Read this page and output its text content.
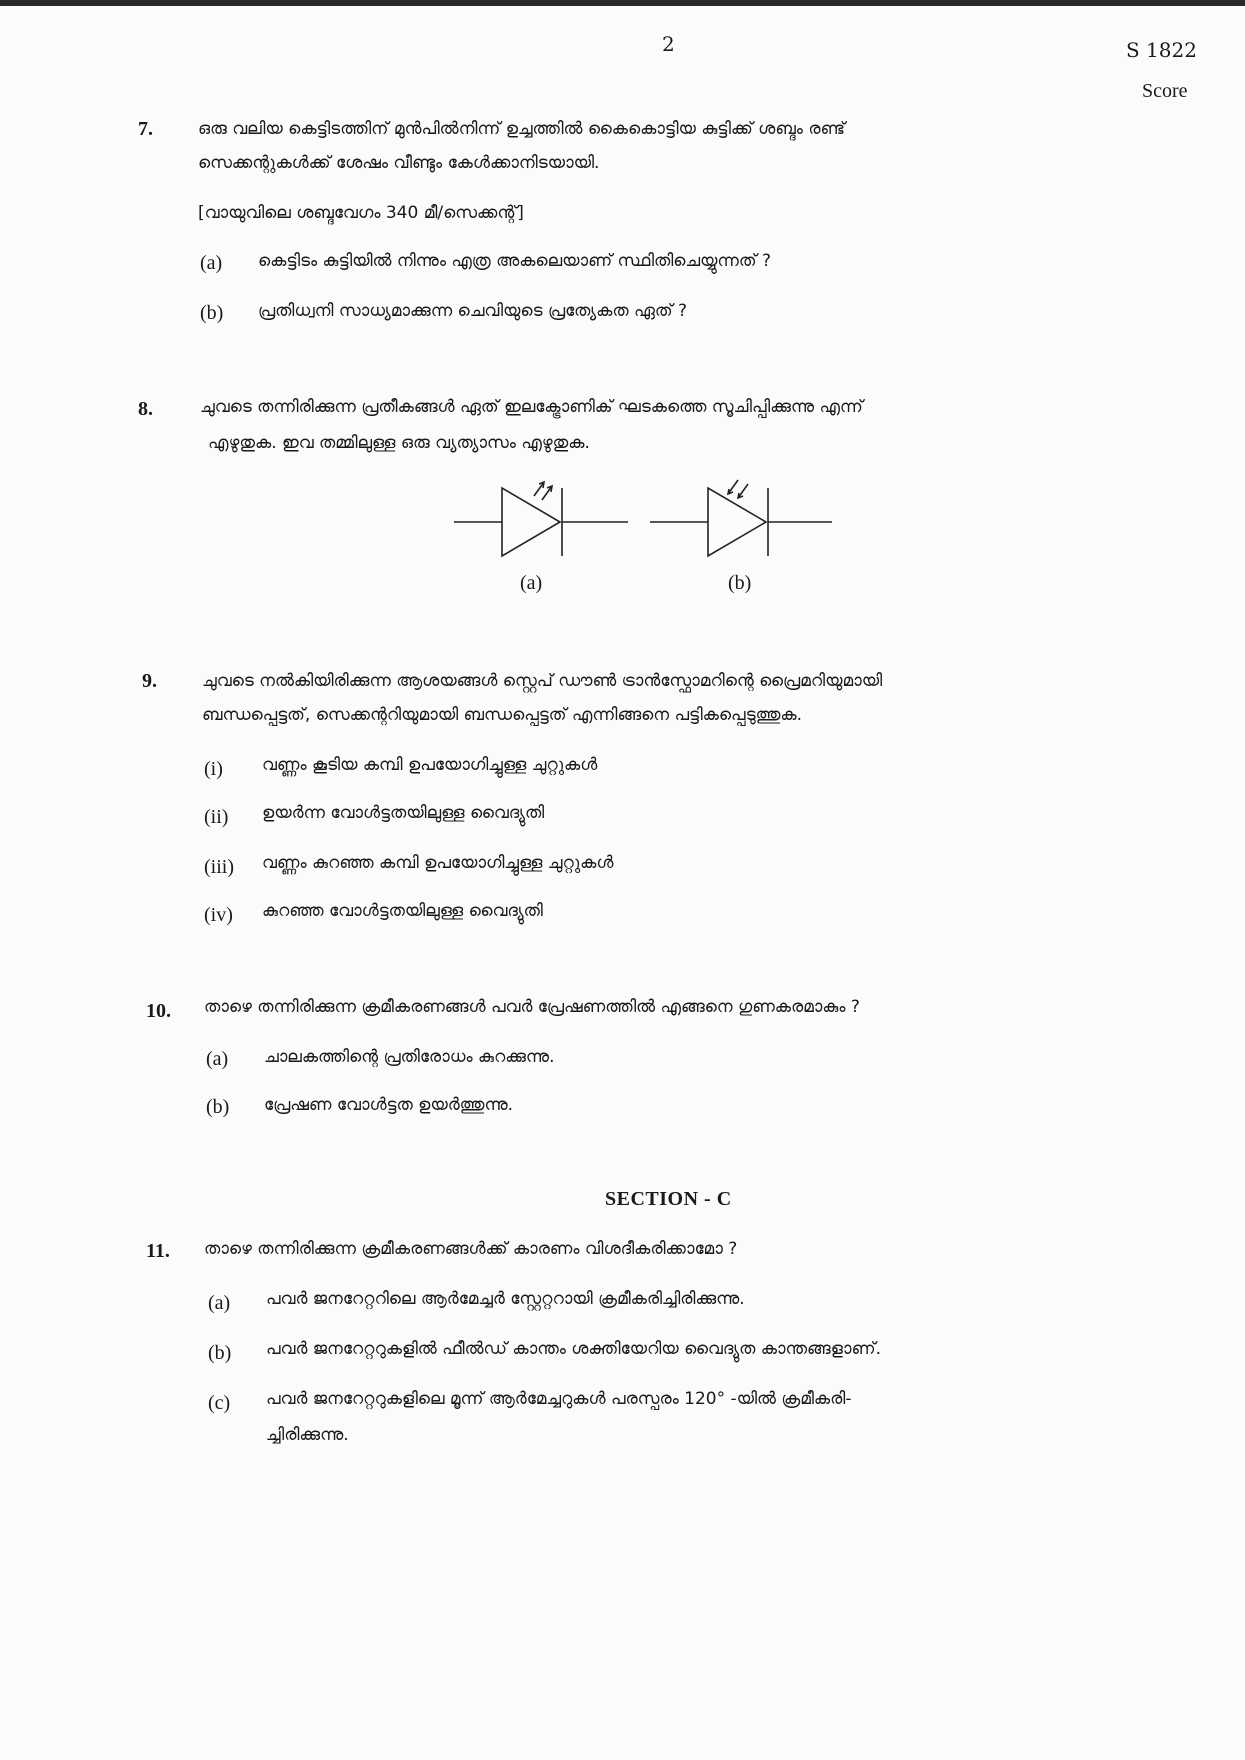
2	S 1822
Score
7.	ഒരു വലിയ കെട്ടിടത്തിന് മുൻപിൽനിന്ന് ഉച്ചത്തിൽ കൈകൊട്ടിയ കുട്ടിക്ക് ശബ്ദം രണ്ട്
സെക്കന്റുകൾക്ക് ശേഷം വീണ്ടും കേൾക്കാനിടയായി.
[വായുവിലെ ശബ്ദവേഗം 340 മീ/സെക്കന്റ്]
(a) കെട്ടിടം കുട്ടിയിൽ നിന്നും എത്ര അകലെയാണ് സ്ഥിതിചെയ്യുന്നത് ?
(b) പ്രതിധ്വനി സാധ്യമാക്കുന്ന ചെവിയുടെ പ്രത്യേകത ഏത് ?
8.	ചുവടെ തന്നിരിക്കുന്ന പ്രതീകങ്ങൾ ഏത് ഇലക്ട്രോണിക് ഘടകത്തെ സൂചിപ്പിക്കുന്നു എന്ന്
എഴുതുക. ഇവ തമ്മിലുള്ള ഒരു വ്യത്യാസം എഴുതുക.
(a)	(b)
9.	ചുവടെ നൽകിയിരിക്കുന്ന ആശയങ്ങൾ സ്റ്റെപ് ഡൗൺ ട്രാൻസ്ഫോമറിന്റെ പ്രൈമറിയുമായി
ബന്ധപ്പെട്ടത്, സെക്കന്ററിയുമായി ബന്ധപ്പെട്ടത് എന്നിങ്ങനെ പട്ടികപ്പെടുത്തുക.
(i) വണ്ണം കൂടിയ കമ്പി ഉപയോഗിച്ചുള്ള ചുറ്റുകൾ
(ii) ഉയർന്ന വോൾട്ടതയിലുള്ള വൈദ്യുതി
(iii) വണ്ണം കുറഞ്ഞ കമ്പി ഉപയോഗിച്ചുള്ള ചുറ്റുകൾ
(iv) കുറഞ്ഞ വോൾട്ടതയിലുള്ള വൈദ്യുതി
10. താഴെ തന്നിരിക്കുന്ന ക്രമീകരണങ്ങൾ പവർ പ്രേഷണത്തിൽ എങ്ങനെ ഗുണകരമാകും ?
(a) ചാലകത്തിന്റെ പ്രതിരോധം കുറക്കുന്നു.
(b) പ്രേഷണ വോൾട്ടത ഉയർത്തുന്നു.
SECTION - C
11. താഴെ തന്നിരിക്കുന്ന ക്രമീകരണങ്ങൾക്ക് കാരണം വിശദീകരിക്കാമോ ?
(a) പവർ ജനറേറ്ററിലെ ആർമേച്ചർ സ്റ്റേറ്ററായി ക്രമീകരിച്ചിരിക്കുന്നു.
(b) പവർ ജനറേറ്ററുകളിൽ ഫീൽഡ് കാന്തം ശക്തിയേറിയ വൈദ്യുത കാന്തങ്ങളാണ്.
(c) പവർ ജനറേറ്ററുകളിലെ മൂന്ന് ആർമേച്ചറുകൾ പരസ്പരം 120° -യിൽ ക്രമീകരി-
ച്ചിരിക്കുന്നു.
